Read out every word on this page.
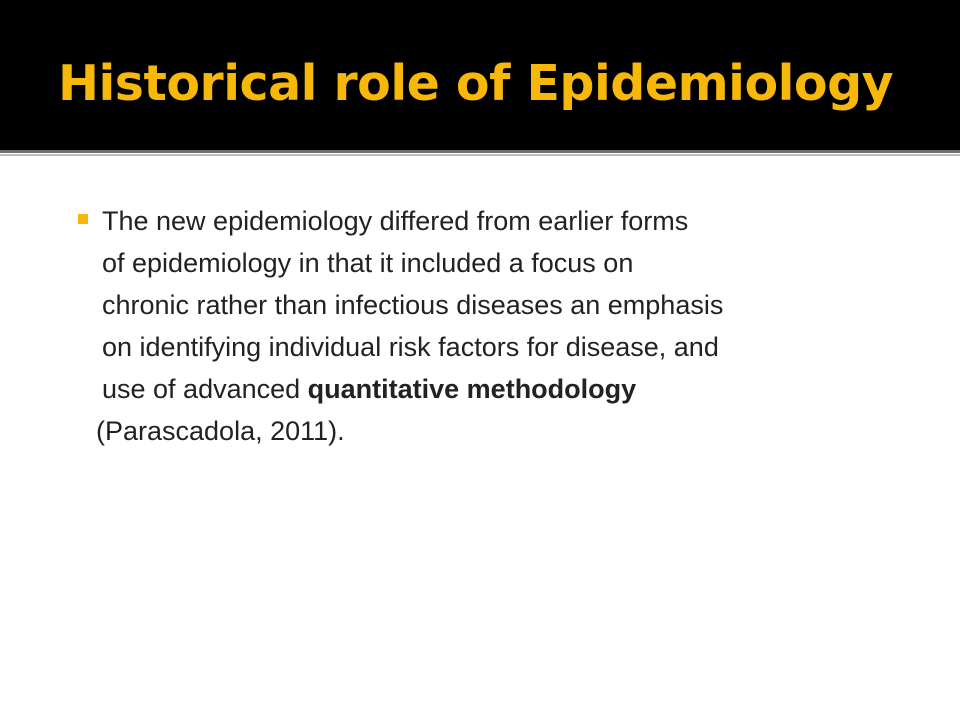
Historical role of Epidemiology
The new epidemiology differed from earlier forms
of epidemiology in that it included a focus on
chronic rather than infectious diseases an emphasis
on identifying individual risk factors for disease, and
use of advanced quantitative methodology
(Parascadola, 2011).
